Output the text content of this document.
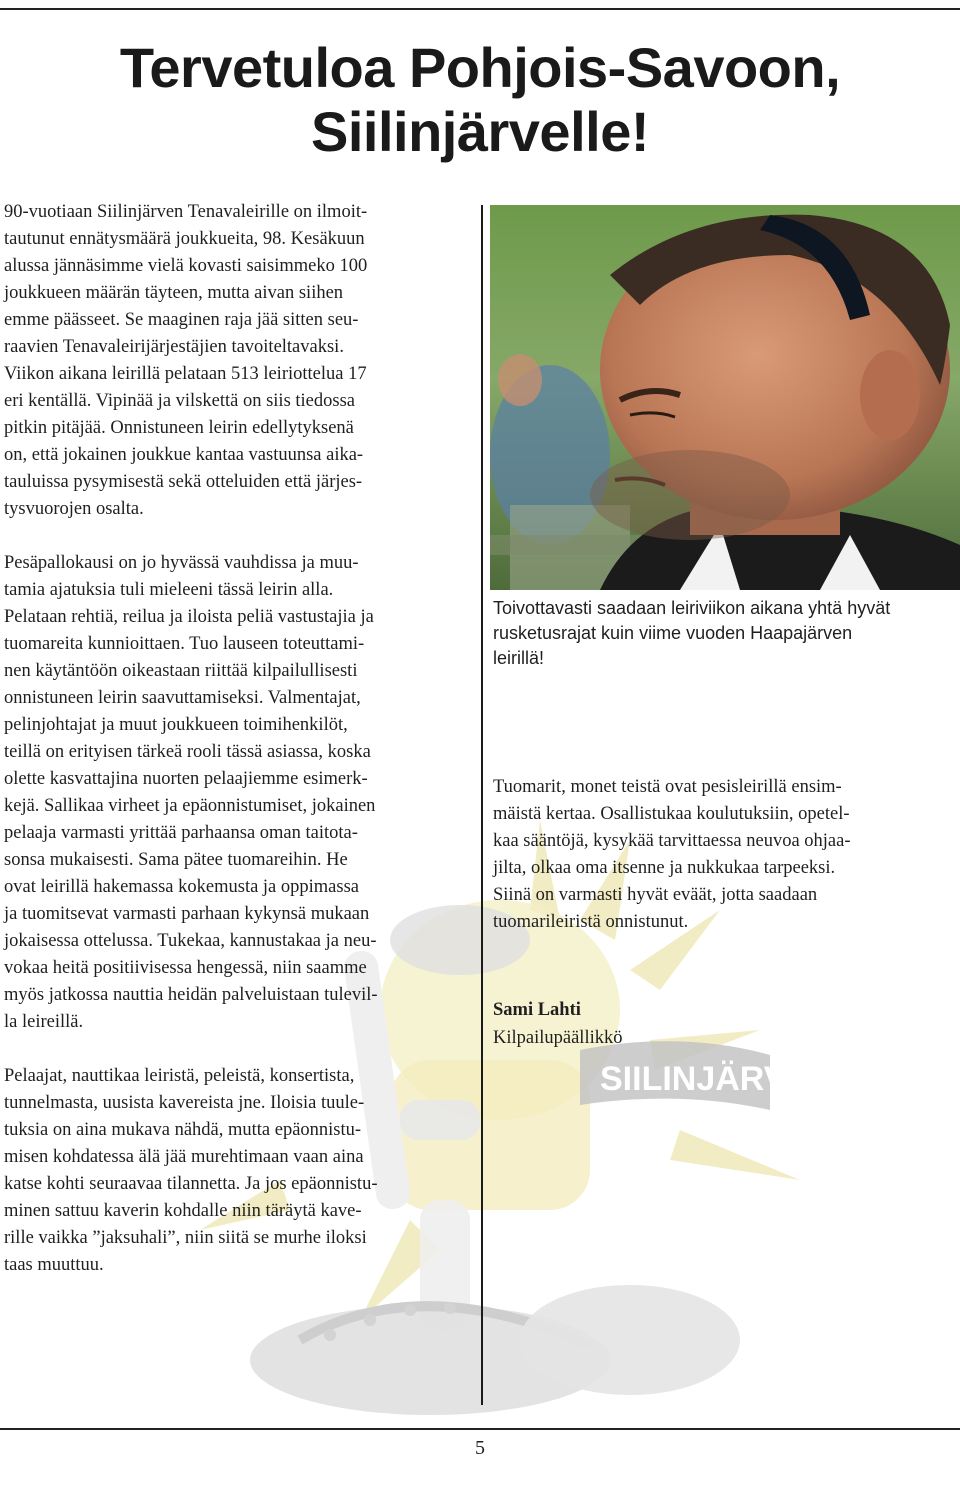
Tervetuloa Pohjois-Savoon,
Siilinjärvelle!
SIILINJÄRVI

90-vuotiaan Siilinjärven Tenavaleirille on ilmoit-
tautunut ennätysmäärä joukkueita, 98. Kesäkuun
alussa jännäsimme vielä kovasti saisimmeko 100
joukkueen määrän täyteen, mutta aivan siihen
emme päässeet. Se maaginen raja jää sitten seu-
raavien Tenavaleirijärjestäjien tavoiteltavaksi.
Viikon aikana leirillä pelataan 513 leiriottelua 17
eri kentällä. Vipinää ja vilskettä on siis tiedossa
pitkin pitäjää. Onnistuneen leirin edellytyksenä
on, että jokainen joukkue kantaa vastuunsa aika-
tauluissa pysymisestä sekä otteluiden että järjes-
tysvuorojen osalta.

Pesäpallokausi on jo hyvässä vauhdissa ja muu-
tamia ajatuksia tuli mieleeni tässä leirin alla.
Pelataan rehtiä, reilua ja iloista peliä vastustajia ja
tuomareita kunnioittaen. Tuo lauseen toteuttami-
nen käytäntöön oikeastaan riittää kilpailullisesti
onnistuneen leirin saavuttamiseksi. Valmentajat,
pelinjohtajat ja muut joukkueen toimihenkilöt,
teillä on erityisen tärkeä rooli tässä asiassa, koska
olette kasvattajina nuorten pelaajiemme esimerk-
kejä. Sallikaa virheet ja epäonnistumiset, jokainen
pelaaja varmasti yrittää parhaansa oman taitota-
sonsa mukaisesti. Sama pätee tuomareihin. He
ovat leirillä hakemassa kokemusta ja oppimassa
ja tuomitsevat varmasti parhaan kykynsä mukaan
jokaisessa ottelussa. Tukekaa, kannustakaa ja neu-
vokaa heitä positiivisessa hengessä, niin saamme
myös jatkossa nauttia heidän palveluistaan tulevil-
la leireillä.

Pelaajat, nauttikaa leiristä, peleistä, konsertista,
tunnelmasta, uusista kavereista jne. Iloisia tuule-
tuksia on aina mukava nähdä, mutta epäonnistu-
misen kohdatessa älä jää murehtimaan vaan aina
katse kohti seuraavaa tilannetta. Ja jos epäonnistu-
minen sattuu kaverin kohdalle niin täräytä kave-
rille vaikka ”jaksuhali”, niin siitä se murhe iloksi
taas muuttuu.

Toivottavasti saadaan leiriviikon aikana yhtä hyvät
rusketusrajat kuin viime vuoden Haapajärven
leirillä!

Tuomarit, monet teistä ovat pesisleirillä ensim-
mäistä kertaa. Osallistukaa koulutuksiin, opetel-
kaa sääntöjä, kysykää tarvittaessa neuvoa ohjaa-
jilta, olkaa oma itsenne ja nukkukaa tarpeeksi.
Siinä on varmasti hyvät eväät, jotta saadaan
tuomarileiristä onnistunut.

Sami Lahti
Kilpailupäällikkö
5
